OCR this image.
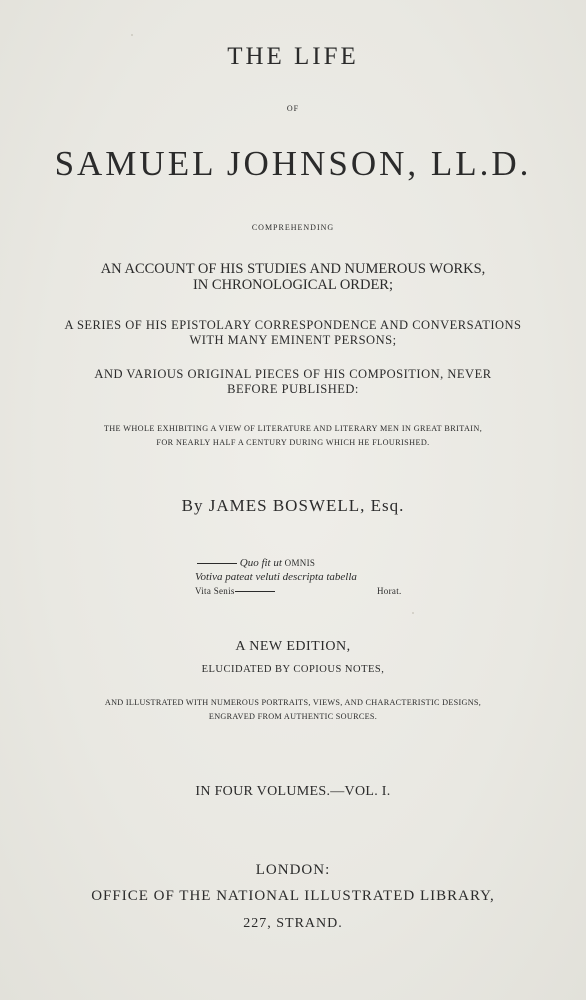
THE LIFE
OF
SAMUEL JOHNSON, LL.D.
COMPREHENDING
AN ACCOUNT OF HIS STUDIES AND NUMEROUS WORKS,
IN CHRONOLOGICAL ORDER;
A SERIES OF HIS EPISTOLARY CORRESPONDENCE AND CONVERSATIONS
WITH MANY EMINENT PERSONS;
AND VARIOUS ORIGINAL PIECES OF HIS COMPOSITION, NEVER
BEFORE PUBLISHED:
THE WHOLE EXHIBITING A VIEW OF LITERATURE AND LITERARY MEN IN GREAT BRITAIN,
FOR NEARLY HALF A CENTURY DURING WHICH HE FLOURISHED.
By JAMES BOSWELL, Esq.
Quo fit ut OMNIS
Votiva pateat veluti descripta tabella
Vita Senis	Horat.
A NEW EDITION,
ELUCIDATED BY COPIOUS NOTES,
AND ILLUSTRATED WITH NUMEROUS PORTRAITS, VIEWS, AND CHARACTERISTIC DESIGNS,
ENGRAVED FROM AUTHENTIC SOURCES.
IN FOUR VOLUMES.—VOL. I.
LONDON:
OFFICE OF THE NATIONAL ILLUSTRATED LIBRARY,
227, STRAND.
